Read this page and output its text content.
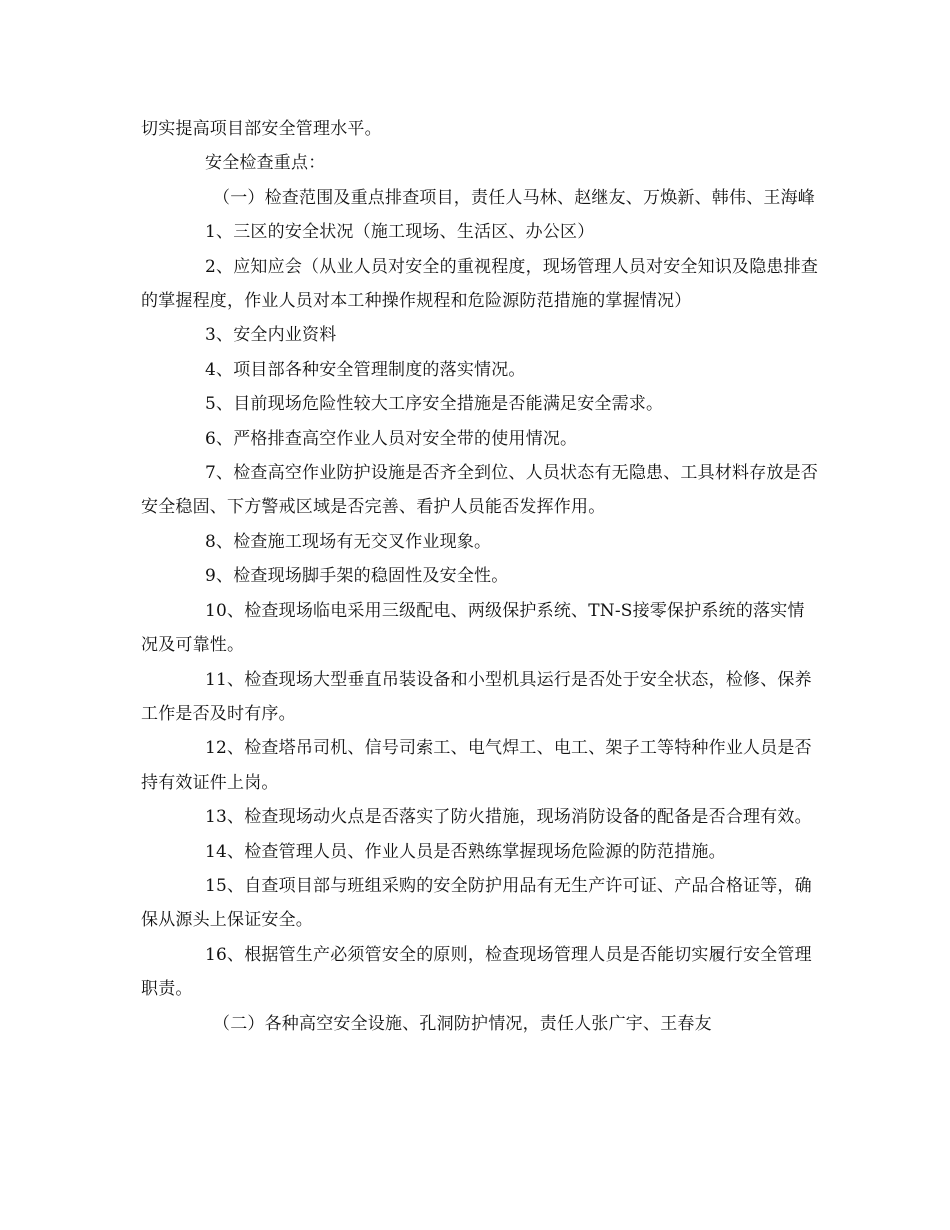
切实提高项目部安全管理水平。

安全检查重点：

（一）检查范围及重点排查项目，责任人马林、赵继友、万焕新、韩伟、王海峰

1、三区的安全状况（施工现场、生活区、办公区）

2、应知应会（从业人员对安全的重视程度，现场管理人员对安全知识及隐患排查的掌握程度，作业人员对本工种操作规程和危险源防范措施的掌握情况）

3、安全内业资料

4、项目部各种安全管理制度的落实情况。

5、目前现场危险性较大工序安全措施是否能满足安全需求。

6、严格排查高空作业人员对安全带的使用情况。

7、检查高空作业防护设施是否齐全到位、人员状态有无隐患、工具材料存放是否安全稳固、下方警戒区域是否完善、看护人员能否发挥作用。

8、检查施工现场有无交叉作业现象。

9、检查现场脚手架的稳固性及安全性。

10、检查现场临电采用三级配电、两级保护系统、TN-S接零保护系统的落实情况及可靠性。

11、检查现场大型垂直吊装设备和小型机具运行是否处于安全状态，检修、保养工作是否及时有序。

12、检查塔吊司机、信号司索工、电气焊工、电工、架子工等特种作业人员是否持有效证件上岗。

13、检查现场动火点是否落实了防火措施，现场消防设备的配备是否合理有效。

14、检查管理人员、作业人员是否熟练掌握现场危险源的防范措施。

15、自查项目部与班组采购的安全防护用品有无生产许可证、产品合格证等，确保从源头上保证安全。

16、根据管生产必须管安全的原则，检查现场管理人员是否能切实履行安全管理职责。

（二）各种高空安全设施、孔洞防护情况，责任人张广宇、王春友
